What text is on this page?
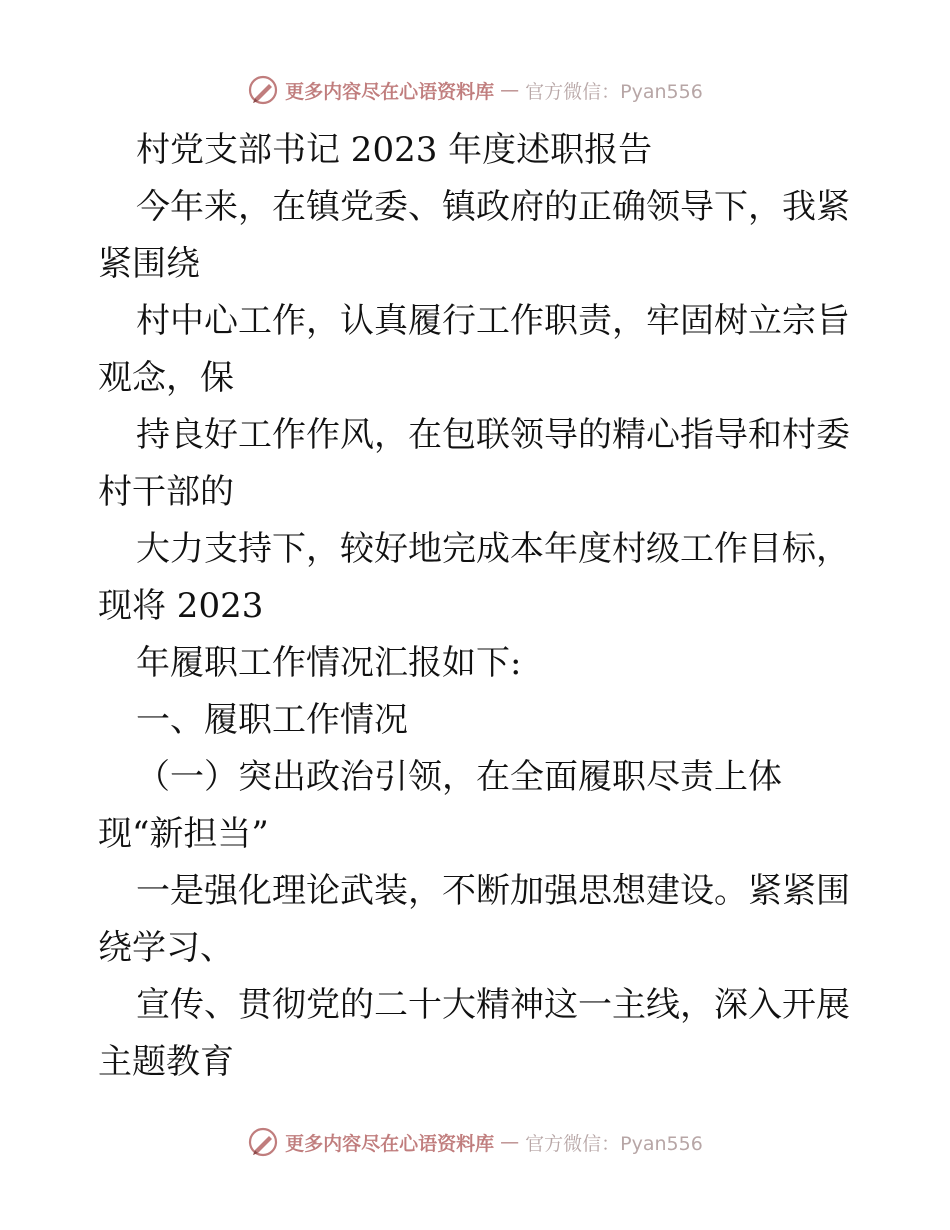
更多内容尽在心语资料库 — 官方微信：Pyan556
村党支部书记 2023 年度述职报告
今年来，在镇党委、镇政府的正确领导下，我紧
紧围绕
村中心工作，认真履行工作职责，牢固树立宗旨
观念，保
持良好工作作风，在包联领导的精心指导和村委
村干部的
大力支持下，较好地完成本年度村级工作目标，
现将 2023
年履职工作情况汇报如下:
一、履职工作情况
（一）突出政治引领，在全面履职尽责上体
现“新担当”
一是强化理论武装，不断加强思想建设。紧紧围
绕学习、
宣传、贯彻党的二十大精神这一主线，深入开展
主题教育
更多内容尽在心语资料库 — 官方微信：Pyan556
